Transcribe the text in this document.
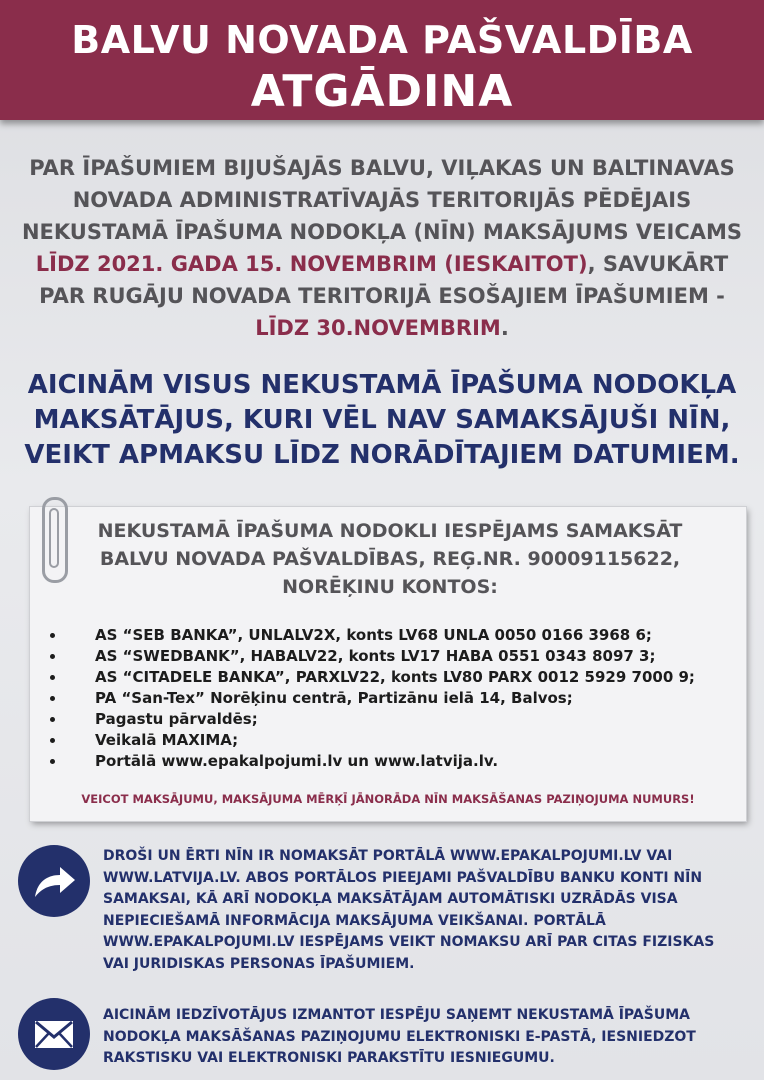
BALVU NOVADA PAŠVALDĪBA
ATGĀDINA
PAR ĪPAŠUMIEM BIJUŠAJĀS BALVU, VIĻAKAS UN BALTINAVAS NOVADA ADMINISTRATĪVAJĀS TERITORIJĀS PĒDĒJAIS NEKUSTAMĀ ĪPAŠUMA NODOKĻA (NĪN) MAKSĀJUMS VEICAMS LĪDZ 2021. GADA 15. NOVEMBRIM (IESKAITOT), SAVUKĀRT PAR RUGĀJU NOVADA TERITORIJĀ ESOŠAJIEM ĪPAŠUMIEM - LĪDZ 30.NOVEMBRIM.
AICINĀM VISUS NEKUSTAMĀ ĪPAŠUMA NODOKĻA MAKSĀTĀJUS, KURI VĒL NAV SAMAKSĀJUŠI NĪN, VEIKT APMAKSU LĪDZ NORĀDĪTAJIEM DATUMIEM.
NEKUSTAMĀ ĪPAŠUMA NODOKLI IESPĒJAMS SAMAKSĀT BALVU NOVADA PAŠVALDĪBAS, REĢ.NR. 90009115622, NORĒĶINU KONTOS:
AS “SEB BANKA”, UNLALV2X, konts LV68 UNLA 0050 0166 3968 6;
AS “SWEDBANK”, HABALV22, konts LV17 HABA 0551 0343 8097 3;
AS “CITADELE BANKA”, PARXLV22, konts LV80 PARX 0012 5929 7000 9;
PA “San-Tex” Norēķinu centrā, Partizānu ielā 14, Balvos;
Pagastu pārvaldēs;
Veikalā MAXIMA;
Portālā www.epakalpojumi.lv un www.latvija.lv.
VEICOT MAKSĀJUMU, MAKSĀJUMA MĒRĶĪ JĀNORĀDA NĪN MAKSĀŠANAS PAZIŅOJUMA NUMURS!
DROŠI UN ĒRTI NĪN IR NOMAKSĀT PORTĀLĀ WWW.EPAKALPOJUMI.LV VAI WWW.LATVIJA.LV. ABOS PORTĀLOS PIEEJAMI PAŠVALDĪBU BANKU KONTI NĪN SAMAKSAI, KĀ ARĪ NODOKĻA MAKSĀTĀJAM AUTOMĀTISKI UZRĀDĀS VISA NEPIECIEŠAMĀ INFORMĀCIJA MAKSĀJUMA VEIKŠANAI. PORTĀLĀ WWW.EPAKALPOJUMI.LV IESPĒJAMS VEIKT NOMAKSU ARĪ PAR CITAS FIZISKAS VAI JURIDISKAS PERSONAS ĪPAŠUMIEM.
AICINĀM IEDZĪVOTĀJUS IZMANTOT IESPĒJU SAŅEMT NEKUSTAMĀ ĪPAŠUMA NODOKĻA MAKSĀŠANAS PAZIŅOJUMU ELEKTRONISKI E-PASTĀ, IESNIEDZOT RAKSTISKU VAI ELEKTRONISKI PARAKSTĪTU IESNIEGUMU.
